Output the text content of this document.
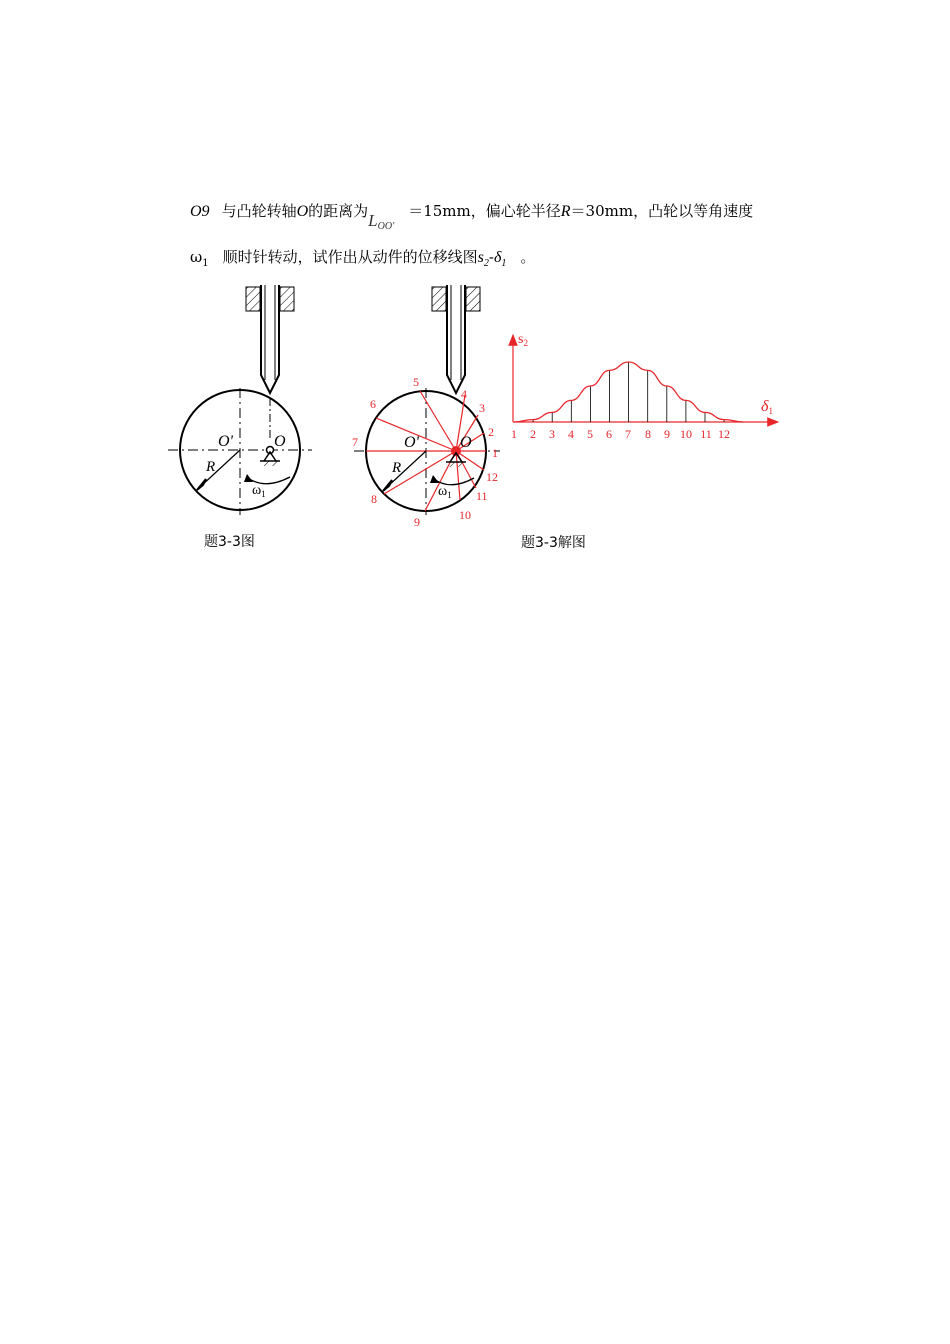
O9 与凸轮转轴O的距离为$L_{OO'}=15mm$，偏心轮半径R＝30mm，凸轮以等角速度
$\omega_1$ 顺时针转动，试作出从动件的位移线图$s_2-\delta_1$ 。
O'	O
R
$\omega_1$
O'	O
R
$\omega_1$
1
2
3
4
5
6
7
8
9	10
11
12
$s_2$
δ1
1 2 3 4 5 6 7 8 9 10 11 12
题3-3图	题3-3解图
